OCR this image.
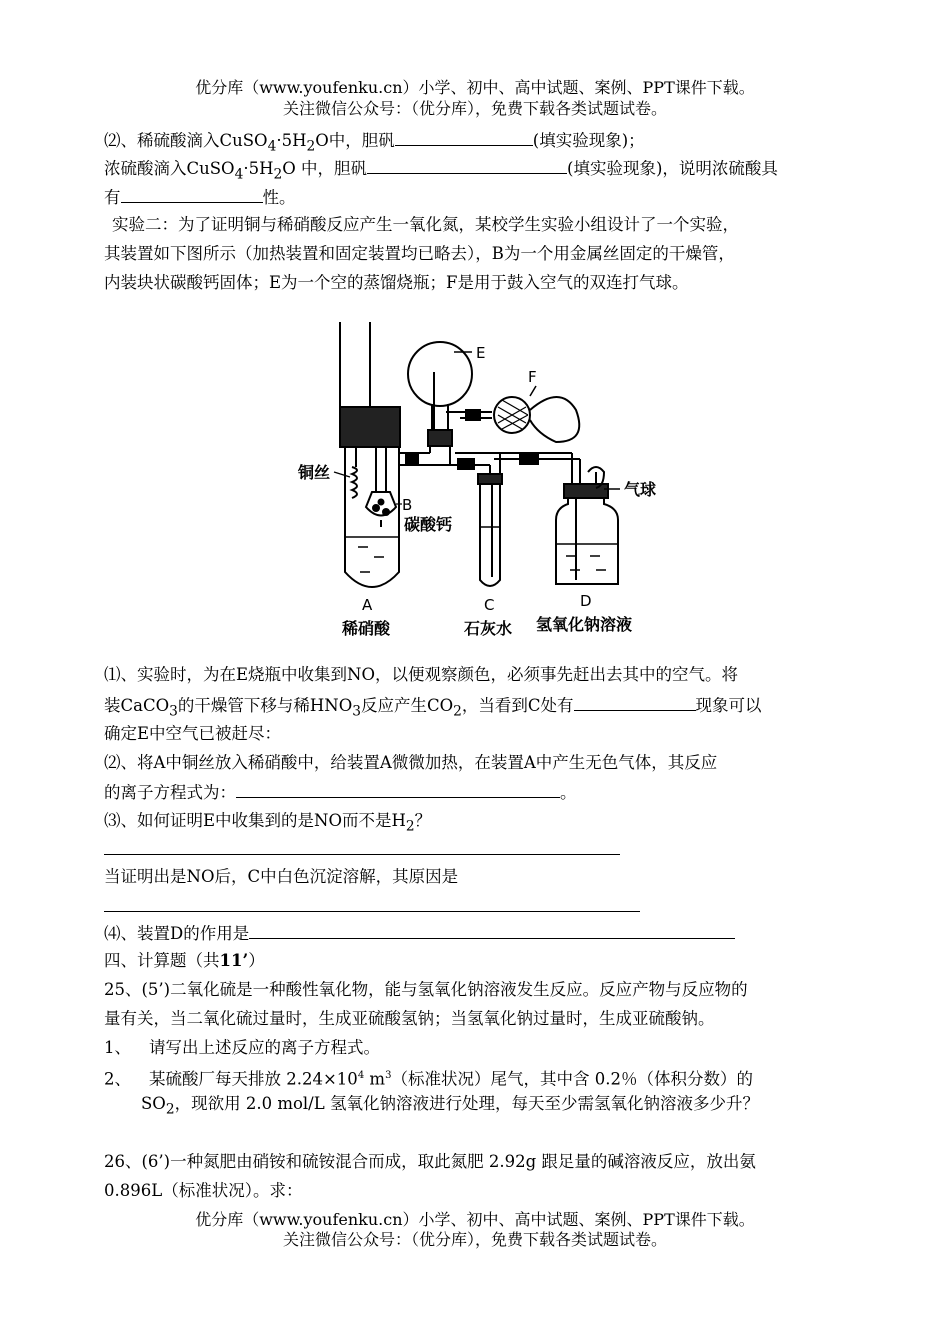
优分库（www.youfenku.cn）小学、初中、高中试题、案例、PPT课件下载。
关注微信公众号：（优分库），免费下载各类试题试卷。
⑵、稀硫酸滴入$CuSO_4\cdot 5H_2O$中，胆矾	(填实验现象)；
浓硫酸滴入$CuSO_4\cdot 5H_2O$ 中，胆矾	(填实验现象)，说明浓硫酸具
有	性。
实验二：为了证明铜与稀硝酸反应产生一氧化氮，某校学生实验小组设计了一个实验，
其装置如下图所示（加热装置和固定装置均已略去），B为一个用金属丝固定的干燥管，
内装块状碳酸钙固体；E为一个空的蒸馏烧瓶；F是用于鼓入空气的双连打气球。
E
F
B
铜丝
碳酸钙
气球
A
稀硝酸
C
石灰水
D
氢氧化钠溶液
⑴、实验时，为在E烧瓶中收集到NO，以便观察颜色，必须事先赶出去其中的空气。将
装CaCO$_3$的干燥管下移与稀$HNO_3$反应产生$CO_2$，当看到C处有	现象可以
确定E中空气已被赶尽：
⑵、将A中铜丝放入稀硝酸中，给装置A微微加热，在装置A中产生无色气体，其反应
的离子方程式为：	。
⑶、如何证明E中收集到的是NO而不是$H_2$？
当证明出是NO后，C中白色沉淀溶解，其原因是
⑷、装置D的作用是
四、计算题（共11’）
25、(5’)二氧化硫是一种酸性氧化物，能与氢氧化钠溶液发生反应。反应产物与反应物的
量有关，当二氧化硫过量时，生成亚硫酸氢钠；当氢氧化钠过量时，生成亚硫酸钠。
1、 请写出上述反应的离子方程式。
2、 某硫酸厂每天排放 $2.24\times 10^4$ $m^3$（标准状况）尾气，其中含 0.2％（体积分数）的
$SO_2$，现欲用 2.0 mol/L 氢氧化钠溶液进行处理，每天至少需氢氧化钠溶液多少升？
26、(6’)一种氮肥由硝铵和硫铵混合而成，取此氮肥 2.92g 跟足量的碱溶液反应，放出氨
0.896L（标准状况）。求：
优分库（www.youfenku.cn）小学、初中、高中试题、案例、PPT课件下载。
关注微信公众号：（优分库），免费下载各类试题试卷。
